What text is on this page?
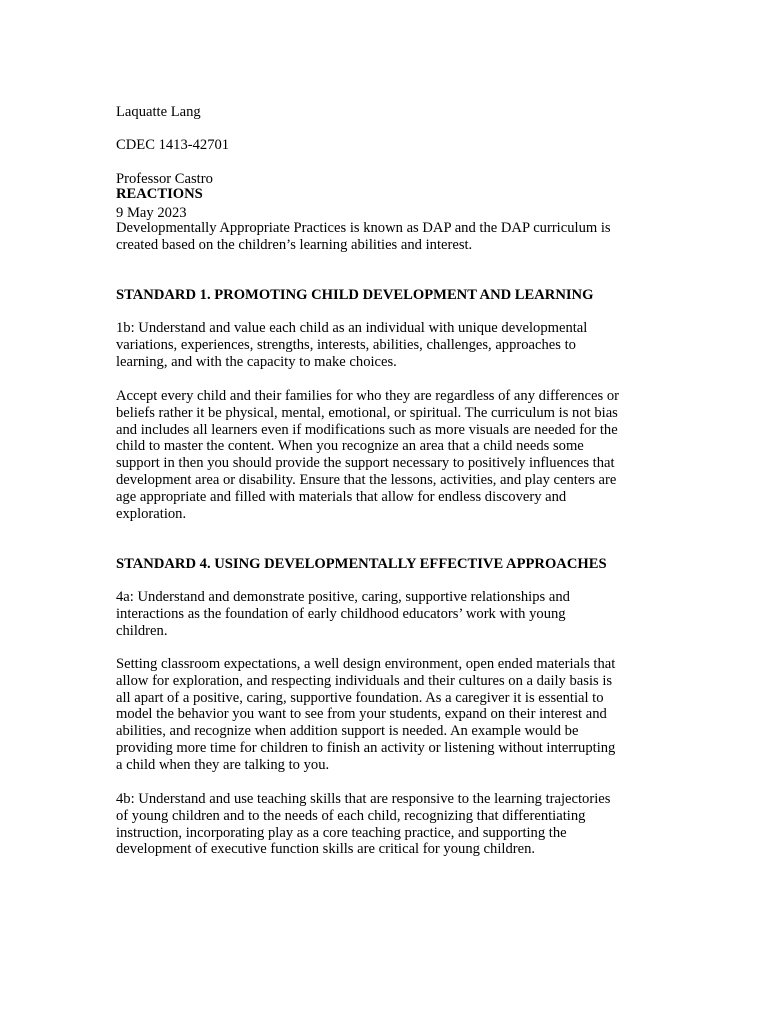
Laquatte Lang

CDEC 1413-42701

Professor Castro

9 May 2023

REACTIONS
Developmentally Appropriate Practices is known as DAP and the DAP curriculum is
created based on the children’s learning abilities and interest.
STANDARD 1. PROMOTING CHILD DEVELOPMENT AND LEARNING
1b: Understand and value each child as an individual with unique developmental
variations, experiences, strengths, interests, abilities, challenges, approaches to
learning, and with the capacity to make choices.
Accept every child and their families for who they are regardless of any differences or
beliefs rather it be physical, mental, emotional, or spiritual. The curriculum is not bias
and includes all learners even if modifications such as more visuals are needed for the
child to master the content. When you recognize an area that a child needs some
support in then you should provide the support necessary to positively influences that
development area or disability. Ensure that the lessons, activities, and play centers are
age appropriate and filled with materials that allow for endless discovery and
exploration.
STANDARD 4. USING DEVELOPMENTALLY EFFECTIVE APPROACHES
4a: Understand and demonstrate positive, caring, supportive relationships and
interactions as the foundation of early childhood educators’ work with young
children.
Setting classroom expectations, a well design environment, open ended materials that
allow for exploration, and respecting individuals and their cultures on a daily basis is
all apart of a positive, caring, supportive foundation. As a caregiver it is essential to
model the behavior you want to see from your students, expand on their interest and
abilities, and recognize when addition support is needed. An example would be
providing more time for children to finish an activity or listening without interrupting
a child when they are talking to you.
4b: Understand and use teaching skills that are responsive to the learning trajectories
of young children and to the needs of each child, recognizing that differentiating
instruction, incorporating play as a core teaching practice, and supporting the
development of executive function skills are critical for young children.
